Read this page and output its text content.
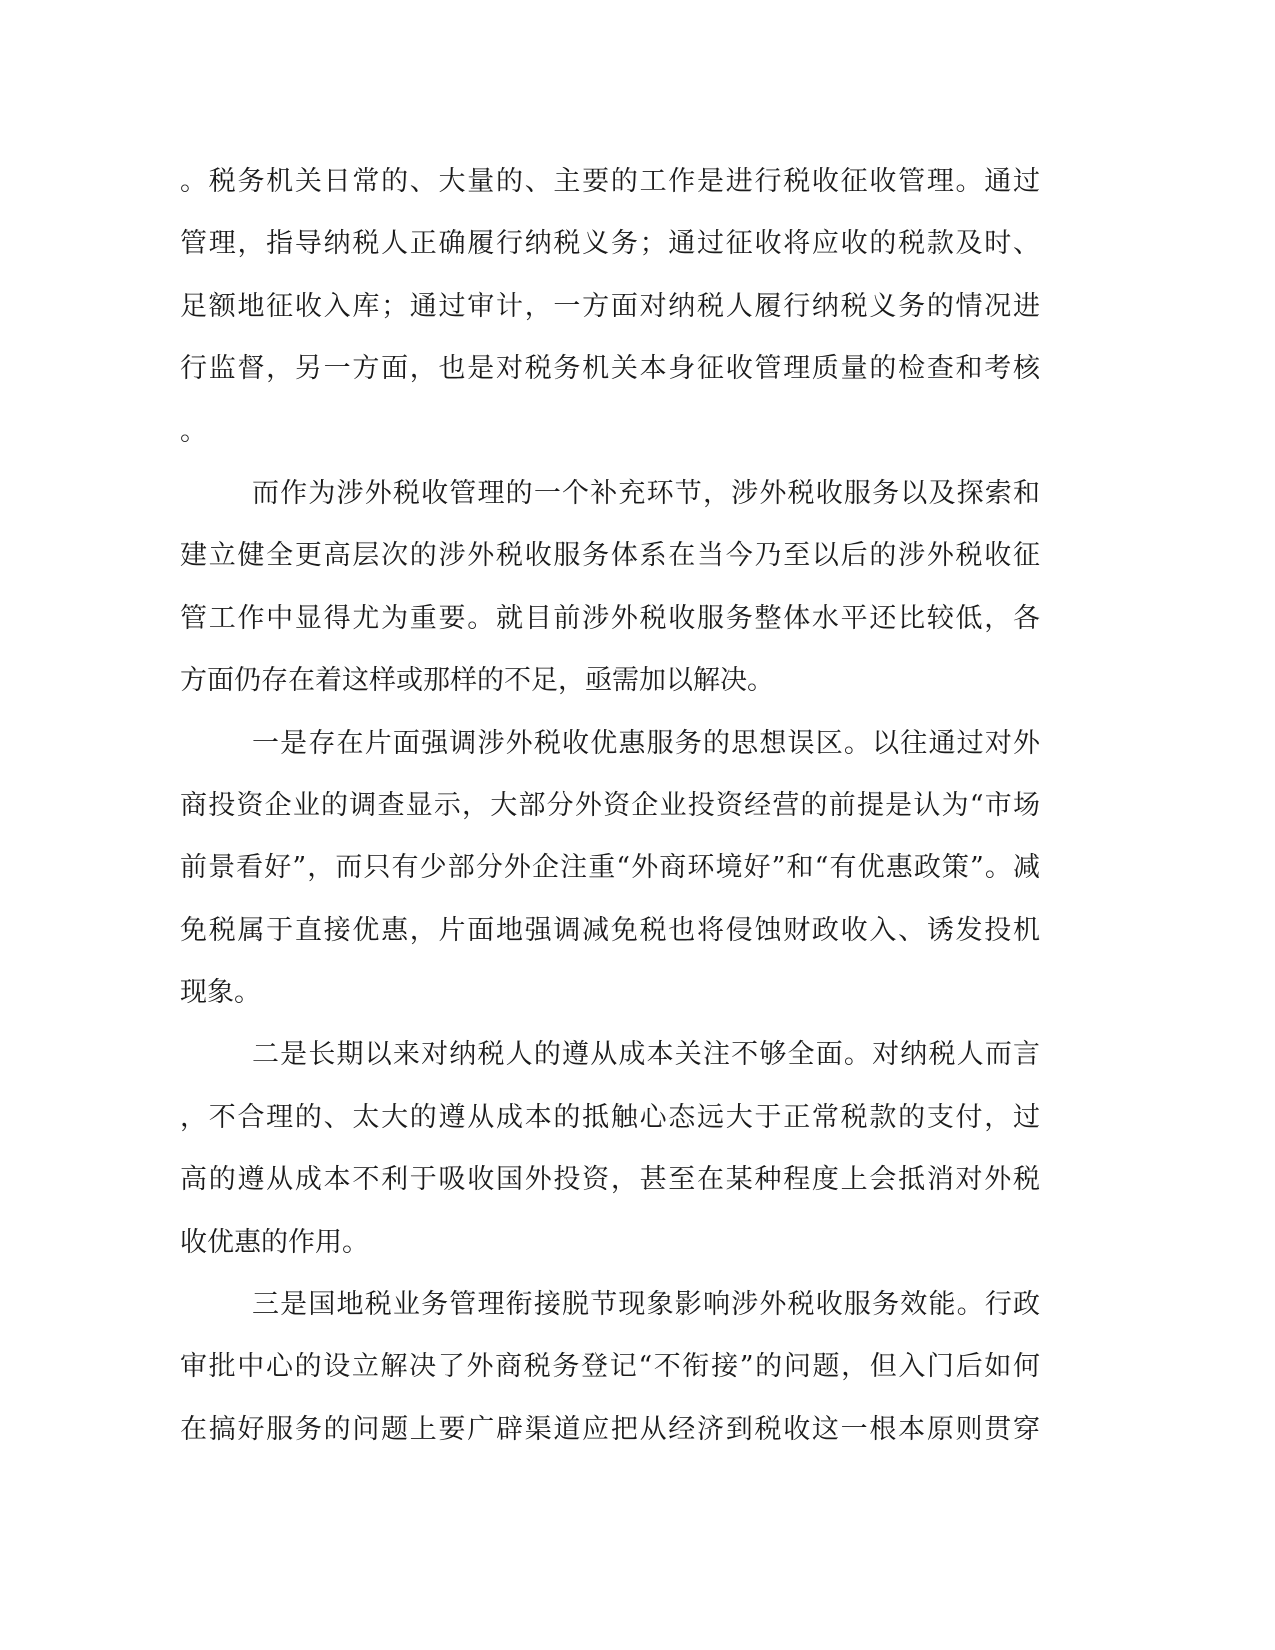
。税务机关日常的、大量的、主要的工作是进行税收征收管理。通过
管理，指导纳税人正确履行纳税义务；通过征收将应收的税款及时、
足额地征收入库；通过审计，一方面对纳税人履行纳税义务的情况进
行监督，另一方面，也是对税务机关本身征收管理质量的检查和考核
。
而作为涉外税收管理的一个补充环节，涉外税收服务以及探索和
建立健全更高层次的涉外税收服务体系在当今乃至以后的涉外税收征
管工作中显得尤为重要。就目前涉外税收服务整体水平还比较低，各
方面仍存在着这样或那样的不足，亟需加以解决。
一是存在片面强调涉外税收优惠服务的思想误区。以往通过对外
商投资企业的调查显示，大部分外资企业投资经营的前提是认为“市场
前景看好”，而只有少部分外企注重“外商环境好”和“有优惠政策”。减
免税属于直接优惠，片面地强调减免税也将侵蚀财政收入、诱发投机
现象。
二是长期以来对纳税人的遵从成本关注不够全面。对纳税人而言
，不合理的、太大的遵从成本的抵触心态远大于正常税款的支付，过
高的遵从成本不利于吸收国外投资，甚至在某种程度上会抵消对外税
收优惠的作用。
三是国地税业务管理衔接脱节现象影响涉外税收服务效能。行政
审批中心的设立解决了外商税务登记“不衔接”的问题，但入门后如何
在搞好服务的问题上要广辟渠道应把从经济到税收这一根本原则贯穿
